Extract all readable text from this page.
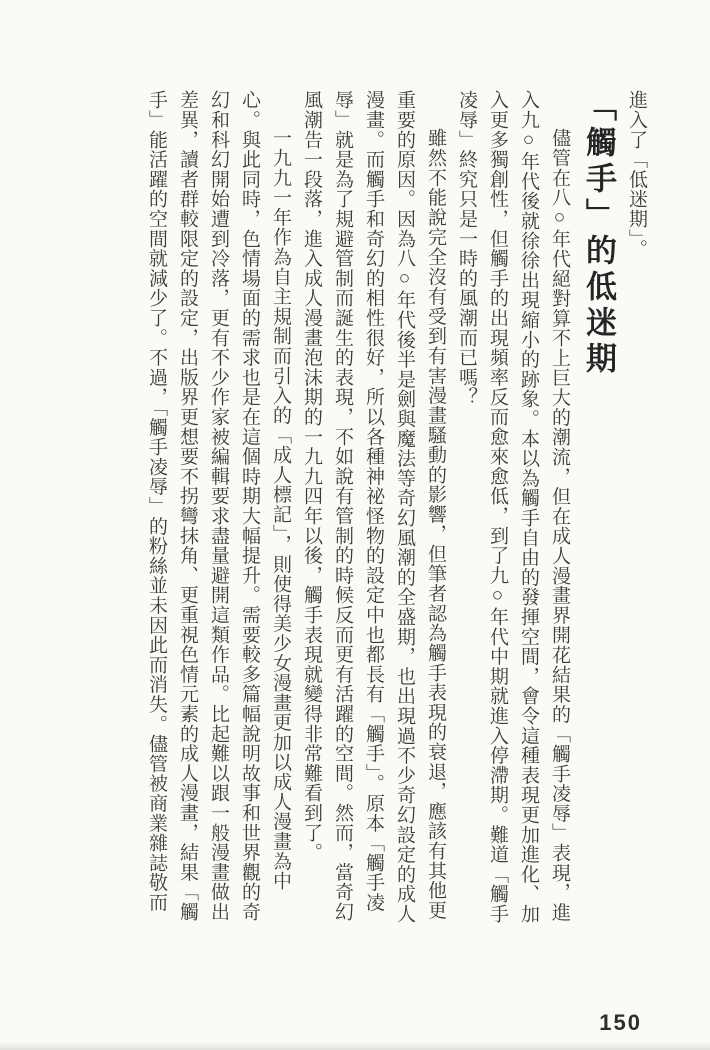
進入了「低迷期」。

「觸手」的低迷期

儘管在八○年代絕對算不上巨大的潮流，但在成人漫畫界開花結果的「觸手凌辱」表現，進入九○年代後就徐徐出現縮小的跡象。本以為觸手自由的發揮空間，會令這種表現更加進化、加入更多獨創性，但觸手的出現頻率反而愈來愈低，到了九○年代中期就進入停滯期。難道「觸手凌辱」終究只是一時的風潮而已嗎？

雖然不能說完全沒有受到有害漫畫騷動的影響，但筆者認為觸手表現的衰退，應該有其他更重要的原因。因為八○年代後半是劍與魔法等奇幻風潮的全盛期，也出現過不少奇幻設定的成人漫畫。而觸手和奇幻的相性很好，所以各種神祕怪物的設定中也都長有「觸手」。原本「觸手凌辱」就是為了規避管制而誕生的表現，不如說有管制的時候反而更有活躍的空間。然而，當奇幻風潮告一段落，進入成人漫畫泡沫期的一九九四年以後，觸手表現就變得非常難看到了。

一九九一年作為自主規制而引入的「成人標記」，則使得美少女漫畫更加以成人漫畫為中心。與此同時，色情場面的需求也是在這個時期大幅提升。需要較多篇幅說明故事和世界觀的奇幻和科幻開始遭到冷落，更有不少作家被編輯要求盡量避開這類作品。比起難以跟一般漫畫做出差異，讀者群較限定的設定，出版界更想要不拐彎抹角、更重視色情元素的成人漫畫，結果「觸手」能活躍的空間就減少了。不過，「觸手凌辱」的粉絲並未因此而消失。儘管被商業雜誌敬而

150
